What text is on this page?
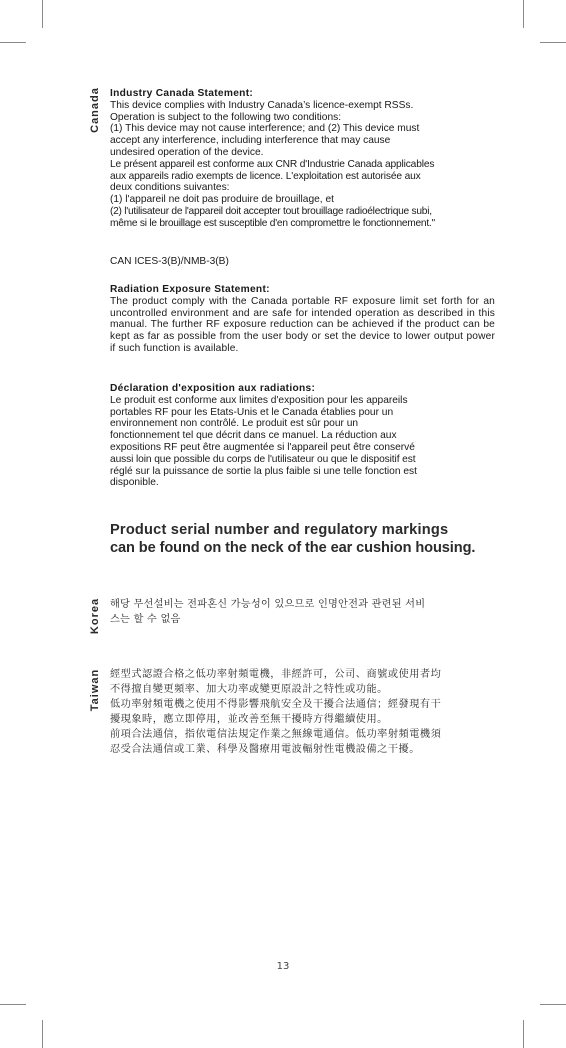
Canada Industry Canada Statement:

This device complies with Industry Canada’s licence-exempt RSSs.

Operation is subject to the following two conditions:

(1) This device may not cause interference; and (2) This device must

accept any interference, including interference that may cause

undesired operation of the device.

Le présent appareil est conforme aux CNR d'Industrie Canada applicables

aux appareils radio exempts de licence. L'exploitation est autorisée aux

deux conditions suivantes:

(1) l'appareil ne doit pas produire de brouillage, et

(2) l'utilisateur de l'appareil doit accepter tout brouillage radioélectrique subi,

même si le brouillage est susceptible d'en compromettre le fonctionnement."

CAN ICES-3(B)/NMB-3(B)

Radiation Exposure Statement:

The product comply with the Canada portable RF exposure limit set forth for an uncontrolled environment and are safe for intended operation as described in this manual. The further RF exposure reduction can be achieved if the product can be kept as far as possible from the user body or set the device to lower output power if such function is available.

Déclaration d'exposition aux radiations:

Le produit est conforme aux limites d'exposition pour les appareils

portables RF pour les Etats-Unis et le Canada établies pour un

environnement non contrôlé. Le produit est sûr pour un

fonctionnement tel que décrit dans ce manuel. La réduction aux

expositions RF peut être augmentée si l'appareil peut être conservé

aussi loin que possible du corps de l'utilisateur ou que le dispositif est

réglé sur la puissance de sortie la plus faible si une telle fonction est

disponible.

Product serial number and regulatory markings
can be found on the neck of the ear cushion housing.
Korea 해당 무선설비는 전파혼신 가능성이 있으므로 인명안전과 관련된 서비

스는 할 수 없음

Taiwan 經型式認證合格之低功率射頻電機，非經許可，公司、商號或使用者均

不得擅自變更頻率、加大功率或變更原設計之特性或功能。

低功率射頻電機之使用不得影響飛航安全及干擾合法通信；經發現有干

擾現象時，應立即停用，並改善至無干擾時方得繼續使用。

前項合法通信，指依電信法規定作業之無線電通信。低功率射頻電機須

忍受合法通信或工業、科學及醫療用電波輻射性電機設備之干擾。

13
